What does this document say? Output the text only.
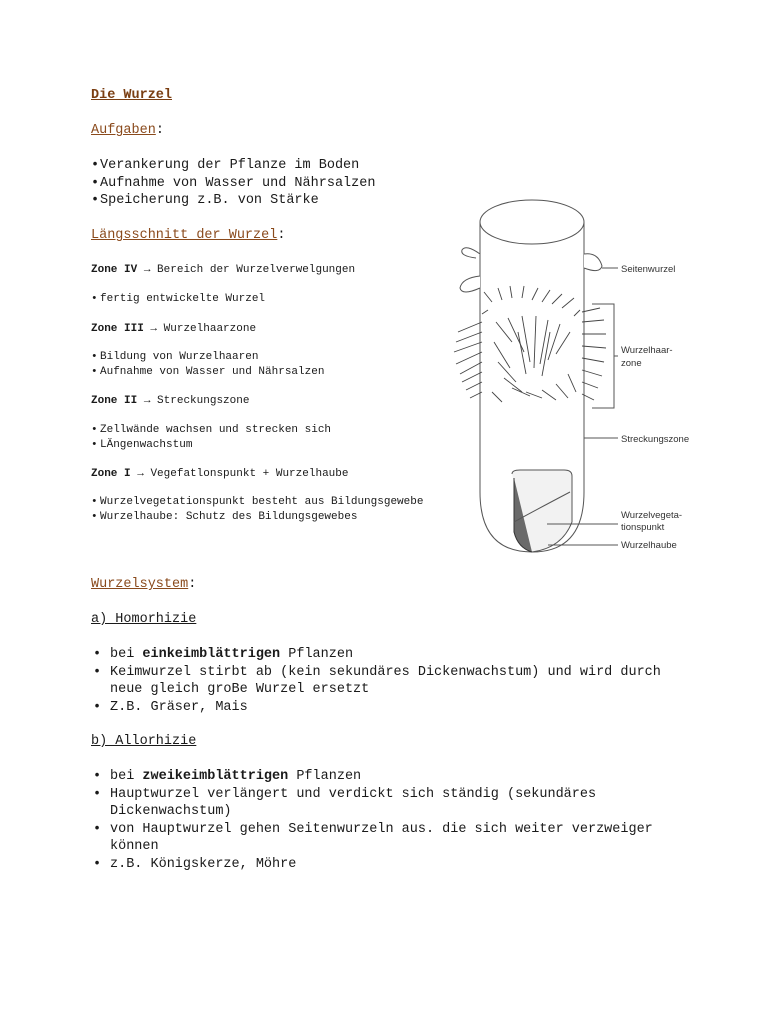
Die Wurzel
Aufgaben:
• Verankerung der Pflanze im Boden
• Aufnahme von Wasser und Nährsalzen
• Speicherung z.B. von Stärke
Längsschnitt der Wurzel:
Zone IV → Bereich der Wurzelverwelgungen
• fertig entwickelte Wurzel
Zone III → Wurzelhaarzone
• Bildung von Wurzelhaaren
• Aufnahme von Wasser und Nährsalzen
Zone II → Streckungszone
• Zellwände wachsen und strecken sich
• LÄngenwachstum
Zone I → Vegefatlonspunkt + Wurzelhaube
• Wurzelvegetationspunkt besteht aus Bildungsgewebe
• Wurzelhaube: Schutz des Bildungsgewebes
Seitenwurzel
Wurzelhaar-
zone
Streckungszone
Wurzelvegeta-
tionspunkt
Wurzelhaube
Wurzelsystem:
a) Homorhizie
• bei einkeimblättrigen Pflanzen
• Keimwurzel stirbt ab (kein sekundäres Dickenwachstum) und wird durch neue gleich groBe Wurzel ersetzt
• Z.B. Gräser, Mais
b) Allorhizie
• bei zweikeimblättrigen Pflanzen
• Hauptwurzel verlängert und verdickt sich ständig (sekundäres Dickenwachstum)
• von Hauptwurzel gehen Seitenwurzeln aus. die sich weiter verzweiger können
• z.B. Königskerze, Möhre
